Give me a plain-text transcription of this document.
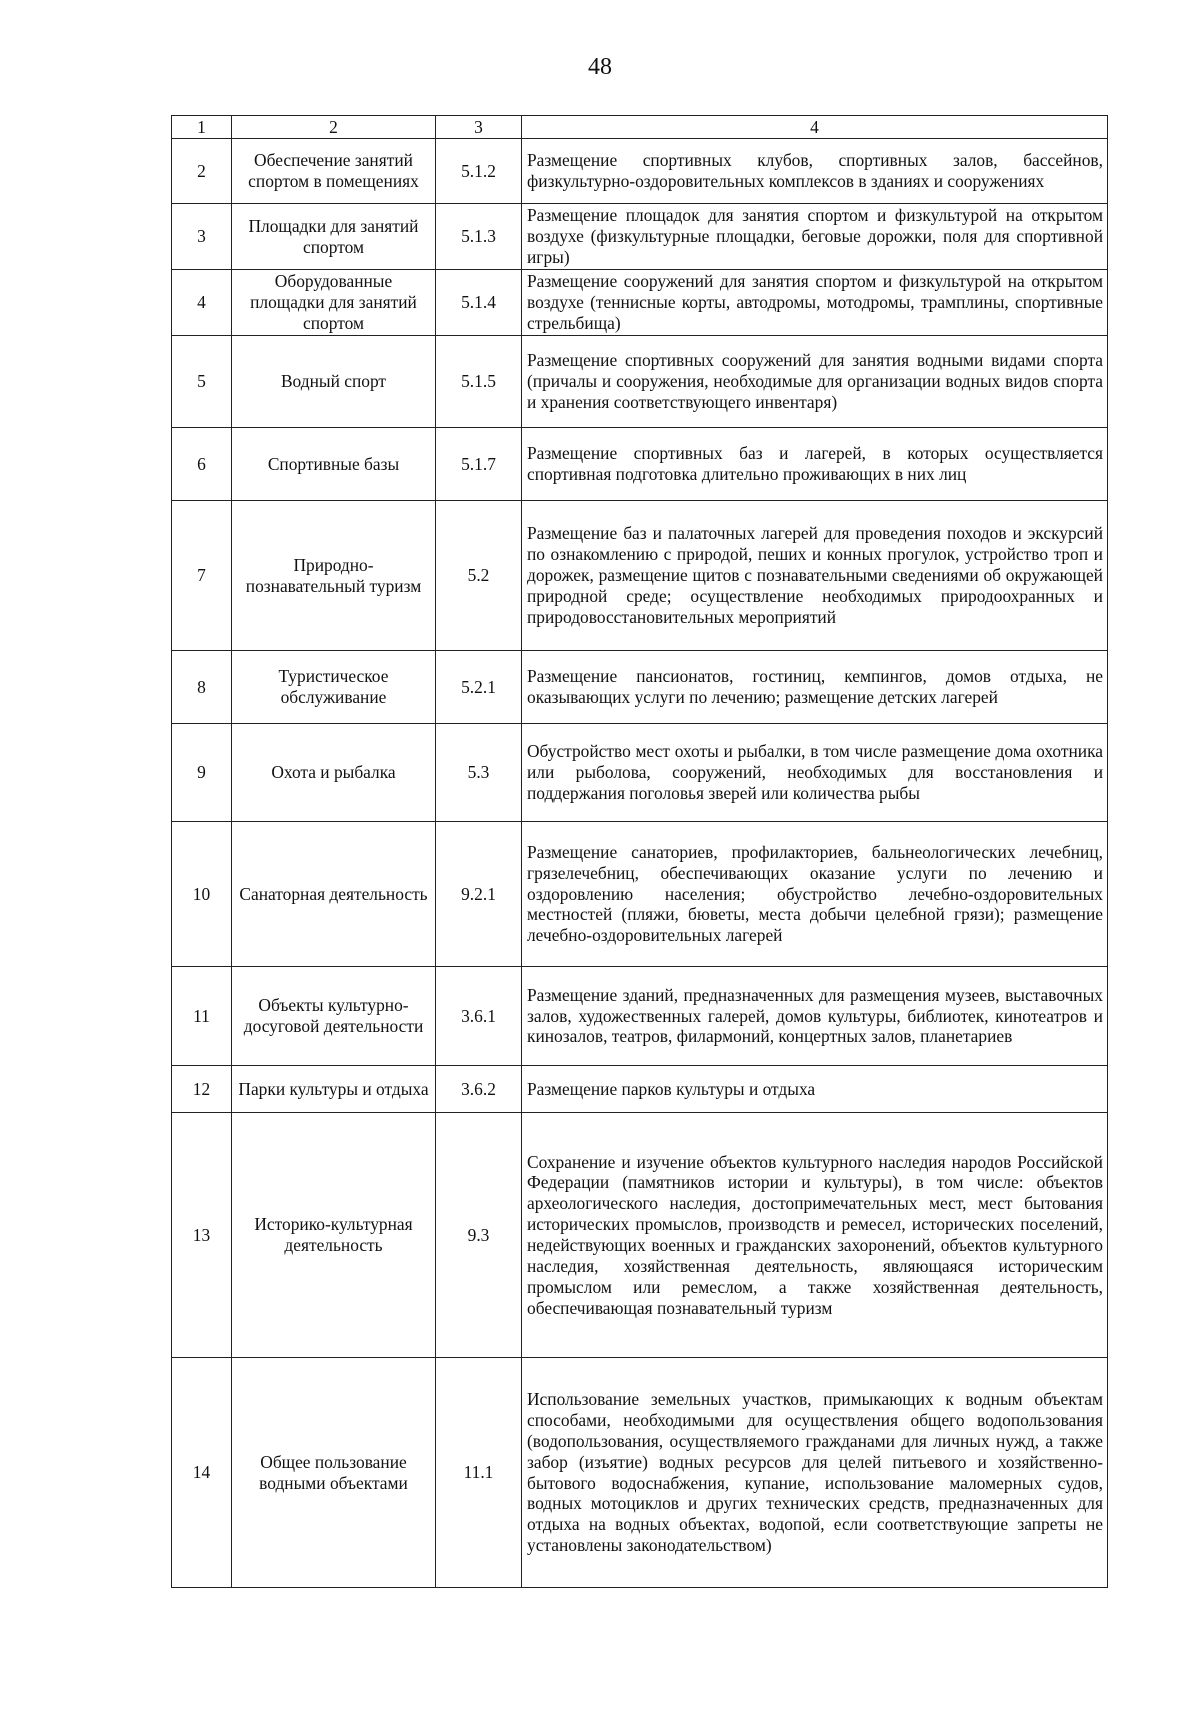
48
1	2	3	4
2	Обеспечение занятий спортом в помещениях	5.1.2	Размещение спортивных клубов, спортивных залов, бассейнов, физкультурно-оздоровительных комплексов в зданиях и сооружениях
3	Площадки для занятий спортом	5.1.3	Размещение площадок для занятия спортом и физкультурой на открытом воздухе (физкультурные площадки, беговые дорожки, поля для спортивной игры)
4	Оборудованные площадки для занятий спортом	5.1.4	Размещение сооружений для занятия спортом и физкультурой на открытом воздухе (теннисные корты, автодромы, мотодромы, трамплины, спортивные стрельбища)
5	Водный спорт	5.1.5	Размещение спортивных сооружений для занятия водными видами спорта (причалы и сооружения, необходимые для организации водных видов спорта и хранения соответствующего инвентаря)
6	Спортивные базы	5.1.7	Размещение спортивных баз и лагерей, в которых осуществляется спортивная подготовка длительно проживающих в них лиц
7	Природно-познавательный туризм	5.2	Размещение баз и палаточных лагерей для проведения походов и экскурсий по ознакомлению с природой, пеших и конных прогулок, устройство троп и дорожек, размещение щитов с познавательными сведениями об окружающей природной среде; осуществление необходимых природоохранных и природовосстановительных мероприятий
8	Туристическое обслуживание	5.2.1	Размещение пансионатов, гостиниц, кемпингов, домов отдыха, не оказывающих услуги по лечению; размещение детских лагерей
9	Охота и рыбалка	5.3	Обустройство мест охоты и рыбалки, в том числе размещение дома охотника или рыболова, сооружений, необходимых для восстановления и поддержания поголовья зверей или количества рыбы
10	Санаторная деятельность	9.2.1	Размещение санаториев, профилакториев, бальнеологических лечебниц, грязелечебниц, обеспечивающих оказание услуги по лечению и оздоровлению населения; обустройство лечебно-оздоровительных местностей (пляжи, бюветы, места добычи целебной грязи); размещение лечебно-оздоровительных лагерей
11	Объекты культурно-досуговой деятельности	3.6.1	Размещение зданий, предназначенных для размещения музеев, выставочных залов, художественных галерей, домов культуры, библиотек, кинотеатров и кинозалов, театров, филармоний, концертных залов, планетариев
12	Парки культуры и отдыха	3.6.2	Размещение парков культуры и отдыха
13	Историко-культурная деятельность	9.3	Сохранение и изучение объектов культурного наследия народов Российской Федерации (памятников истории и культуры), в том числе: объектов археологического наследия, достопримечательных мест, мест бытования исторических промыслов, производств и ремесел, исторических поселений, недействующих военных и гражданских захоронений, объектов культурного наследия, хозяйственная деятельность, являющаяся историческим промыслом или ремеслом, а также хозяйственная деятельность, обеспечивающая познавательный туризм
14	Общее пользование водными объектами	11.1	Использование земельных участков, примыкающих к водным объектам способами, необходимыми для осуществления общего водопользования (водопользования, осуществляемого гражданами для личных нужд, а также забор (изъятие) водных ресурсов для целей питьевого и хозяйственно-бытового водоснабжения, купание, использование маломерных судов, водных мотоциклов и других технических средств, предназначенных для отдыха на водных объектах, водопой, если соответствующие запреты не установлены законодательством)
